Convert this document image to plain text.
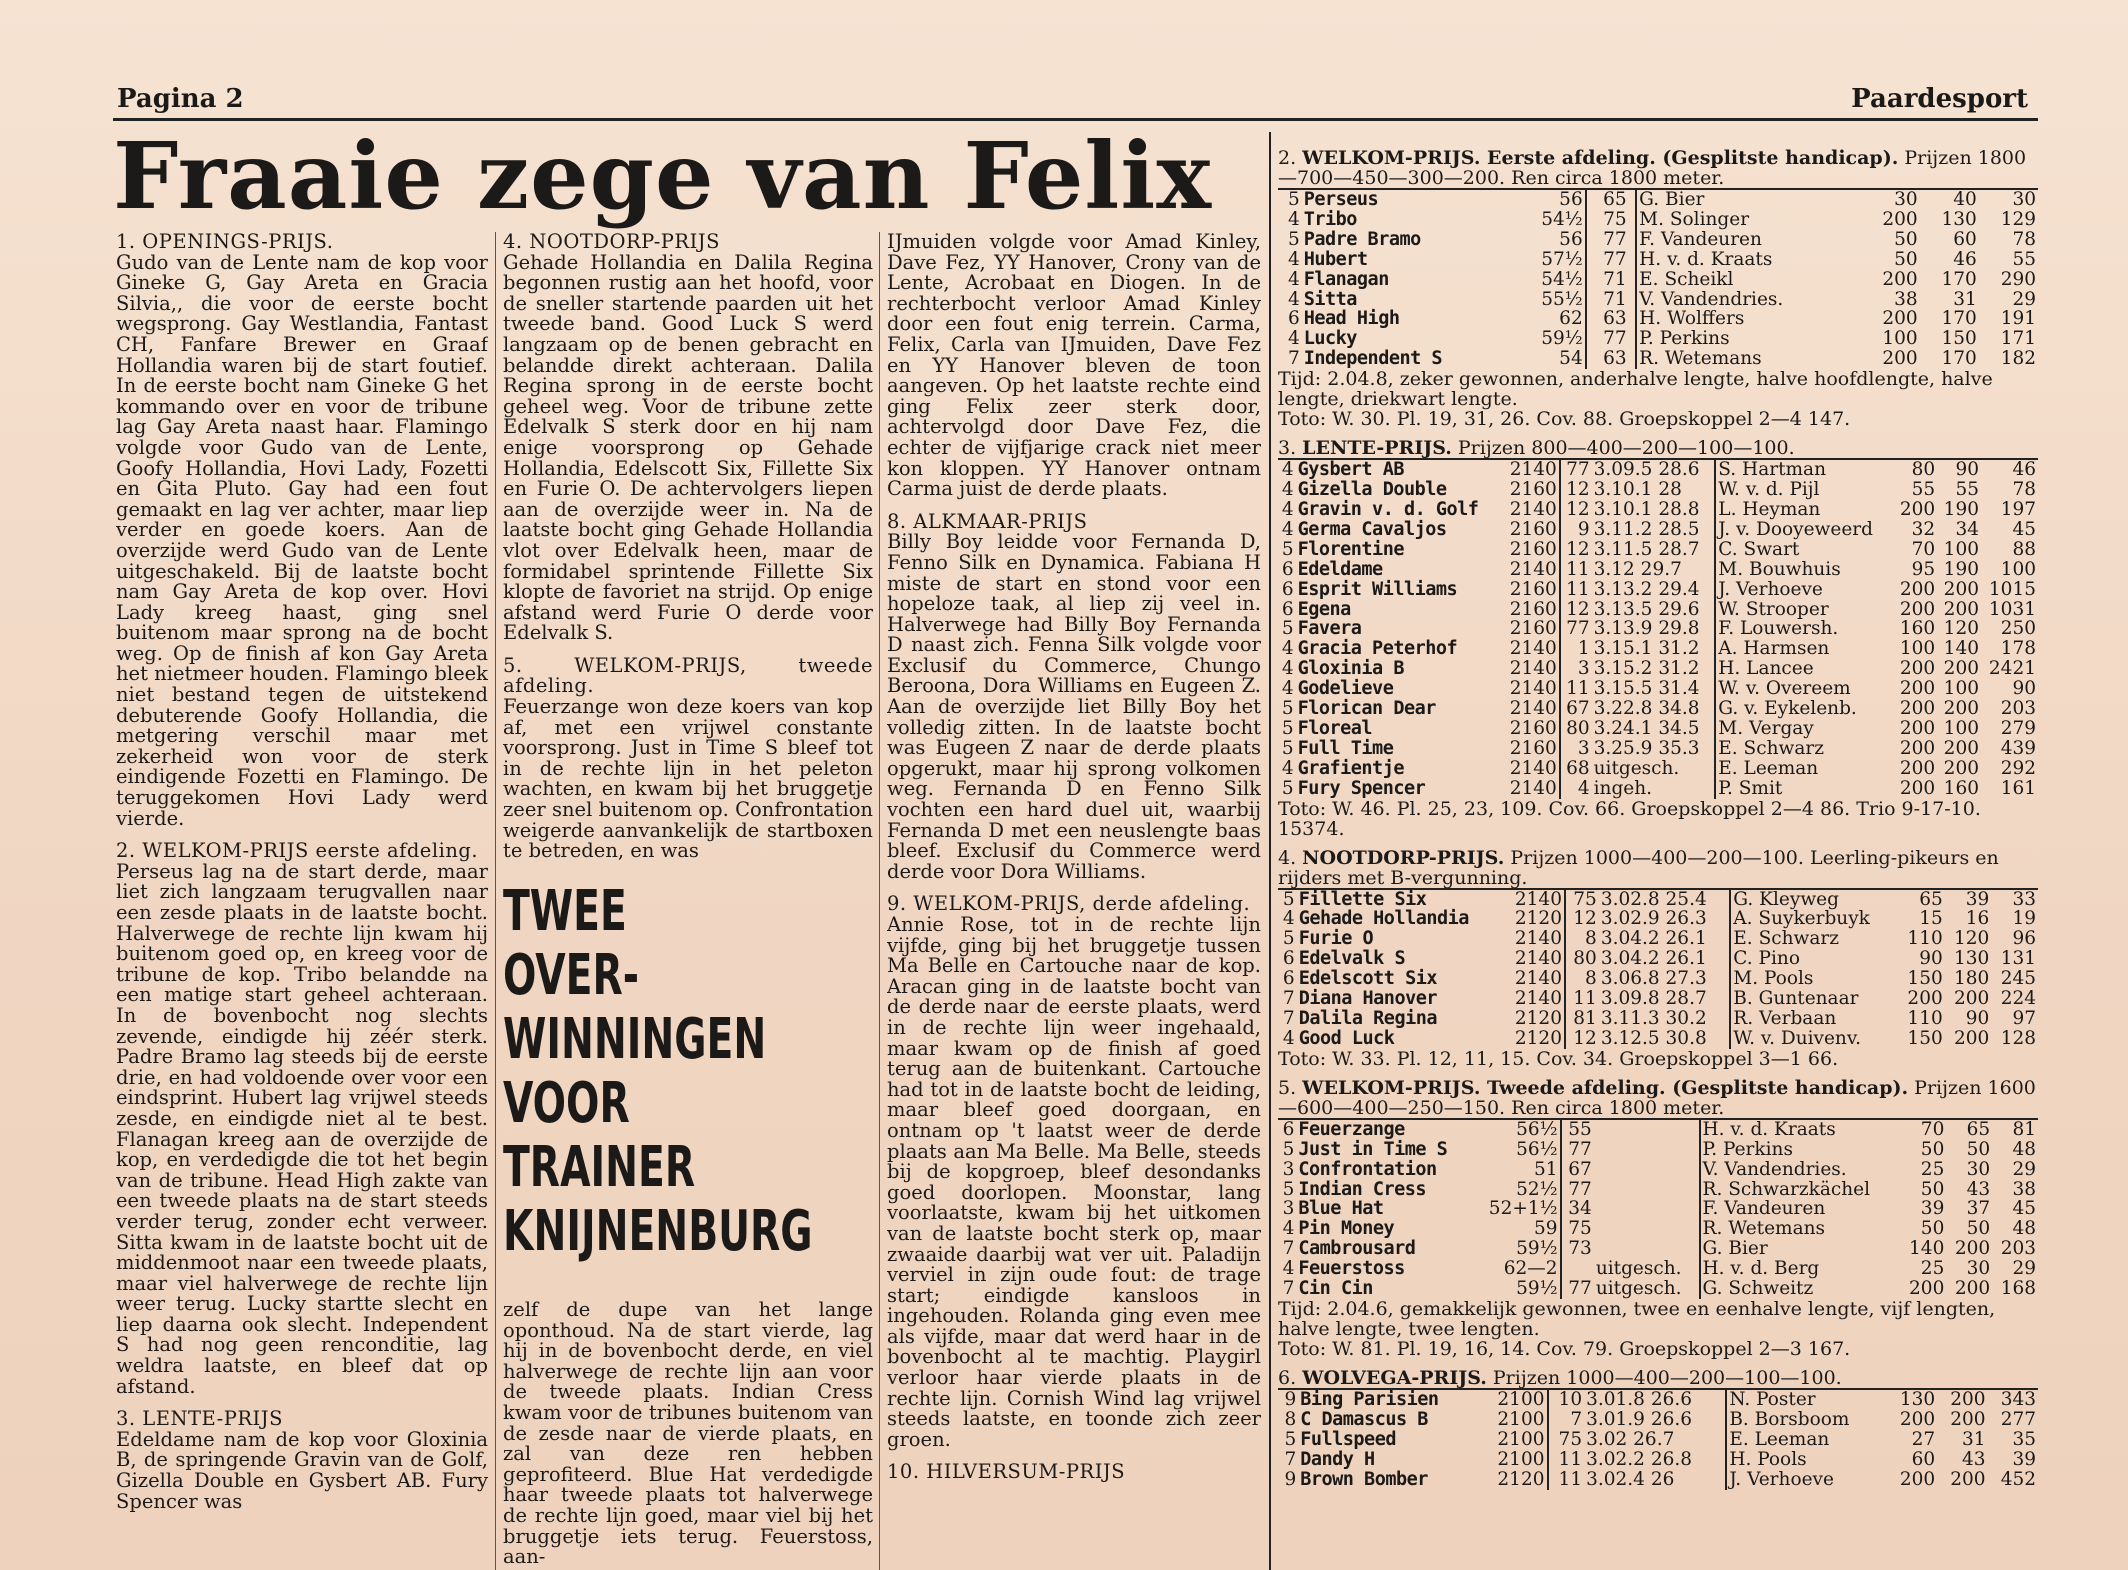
Pagina 2	Paardesport
Fraaie zege van Felix

1. OPENINGS-PRIJS.

Gudo van de Lente nam de kop voor Gineke G, Gay Areta en Gracia Silvia,, die voor de eerste bocht wegsprong. Gay Westlandia, Fantast CH, Fanfare Brewer en Graaf Hollandia waren bij de start foutief. In de eerste bocht nam Gineke G het kommando over en voor de tribune lag Gay Areta naast haar. Flamingo volgde voor Gudo van de Lente, Goofy Hollandia, Hovi Lady, Fozetti en Gita Pluto. Gay had een fout gemaakt en lag ver achter, maar liep verder en goede koers. Aan de overzijde werd Gudo van de Lente uitgeschakeld. Bij de laatste bocht nam Gay Areta de kop over. Hovi Lady kreeg haast, ging snel buitenom maar sprong na de bocht weg. Op de finish af kon Gay Areta het nietmeer houden. Flamingo bleek niet bestand tegen de uitstekend debuterende Goofy Hollandia, die metgering verschil maar met zekerheid won voor de sterk eindigende Fozetti en Flamingo. De teruggekomen Hovi Lady werd vierde.

2. WELKOM-PRIJS eerste afdeling.

Perseus lag na de start derde, maar liet zich langzaam terugvallen naar een zesde plaats in de laatste bocht. Halverwege de rechte lijn kwam hij buitenom goed op, en kreeg voor de tribune de kop. Tribo belandde na een matige start geheel achteraan. In de bovenbocht nog slechts zevende, eindigde hij zéér sterk. Padre Bramo lag steeds bij de eerste drie, en had voldoende over voor een eindsprint. Hubert lag vrijwel steeds zesde, en eindigde niet al te best. Flanagan kreeg aan de overzijde de kop, en verdedigde die tot het begin van de tribune. Head High zakte van een tweede plaats na de start steeds verder terug, zonder echt verweer. Sitta kwam in de laatste bocht uit de middenmoot naar een tweede plaats, maar viel halverwege de rechte lijn weer terug. Lucky startte slecht en liep daarna ook slecht. Independent S had nog geen renconditie, lag weldra laatste, en bleef dat op afstand.

3. LENTE-PRIJS

Edeldame nam de kop voor Gloxinia B, de springende Gravin van de Golf, Gizella Double en Gysbert AB. Fury Spencer was

4. NOOTDORP-PRIJS

Gehade Hollandia en Dalila Regina begonnen rustig aan het hoofd, voor de sneller startende paarden uit het tweede band. Good Luck S werd langzaam op de benen gebracht en belandde direkt achteraan. Dalila Regina sprong in de eerste bocht geheel weg. Voor de tribune zette Edelvalk S sterk door en hij nam enige voorsprong op Gehade Hollandia, Edelscott Six, Fillette Six en Furie O. De achtervolgers liepen aan de overzijde weer in. Na de laatste bocht ging Gehade Hollandia vlot over Edelvalk heen, maar de formidabel sprintende Fillette Six klopte de favoriet na strijd. Op enige afstand werd Furie O derde voor Edelvalk S.

5. WELKOM-PRIJS, tweede afdeling.

Feuerzange won deze koers van kop af, met een vrijwel constante voorsprong. Just in Time S bleef tot in de rechte lijn in het peleton wachten, en kwam bij het bruggetje zeer snel buitenom op. Confrontation weigerde aanvankelijk de startboxen te betreden, en was

TWEE
OVER-
WINNINGEN
VOOR
TRAINER
KNIJNENBURG
zelf de dupe van het lange oponthoud. Na de start vierde, lag hij in de bovenbocht derde, en viel halverwege de rechte lijn aan voor de tweede plaats. Indian Cress kwam voor de tribunes buitenom van de zesde naar de vierde plaats, en zal van deze ren hebben geprofiteerd. Blue Hat verdedigde haar tweede plaats tot halverwege de rechte lijn goed, maar viel bij het bruggetje iets terug. Feuerstoss, aan-

IJmuiden volgde voor Amad Kinley, Dave Fez, YY Hanover, Crony van de Lente, Acrobaat en Diogen. In de rechterbocht verloor Amad Kinley door een fout enig terrein. Carma, Felix, Carla van IJmuiden, Dave Fez en YY Hanover bleven de toon aangeven. Op het laatste rechte eind ging Felix zeer sterk door, achtervolgd door Dave Fez, die echter de vijfjarige crack niet meer kon kloppen. YY Hanover ontnam Carma juist de derde plaats.

8. ALKMAAR-PRIJS

Billy Boy leidde voor Fernanda D, Fenno Silk en Dynamica. Fabiana H miste de start en stond voor een hopeloze taak, al liep zij veel in. Halverwege had Billy Boy Fernanda D naast zich. Fenna Silk volgde voor Exclusif du Commerce, Chungo Beroona, Dora Williams en Eugeen Z. Aan de overzijde liet Billy Boy het volledig zitten. In de laatste bocht was Eugeen Z naar de derde plaats opgerukt, maar hij sprong volkomen weg. Fernanda D en Fenno Silk vochten een hard duel uit, waarbij Fernanda D met een neuslengte baas bleef. Exclusif du Commerce werd derde voor Dora Williams.

9. WELKOM-PRIJS, derde afdeling.

Annie Rose, tot in de rechte lijn vijfde, ging bij het bruggetje tussen Ma Belle en Cartouche naar de kop. Aracan ging in de laatste bocht van de derde naar de eerste plaats, werd in de rechte lijn weer ingehaald, maar kwam op de finish af goed terug aan de buitenkant. Cartouche had tot in de laatste bocht de leiding, maar bleef goed doorgaan, en ontnam op 't laatst weer de derde plaats aan Ma Belle. Ma Belle, steeds bij de kopgroep, bleef desondanks goed doorlopen. Moonstar, lang voorlaatste, kwam bij het uitkomen van de laatste bocht sterk op, maar zwaaide daarbij wat ver uit. Paladijn verviel in zijn oude fout: de trage start; eindigde kansloos in ingehouden. Rolanda ging even mee als vijfde, maar dat werd haar in de bovenbocht al te machtig. Playgirl verloor haar vierde plaats in de rechte lijn. Cornish Wind lag vrijwel steeds laatste, en toonde zich zeer groen.

10. HILVERSUM-PRIJS

2. WELKOM-PRIJS. Eerste afdeling. (Gesplitste handicap). Prijzen 1800—700—450—300—200. Ren circa 1800 meter.

5	Perseus	56	65		G. Bier	30	40	30
4	Tribo	54½	75		M. Solinger	200	130	129
5	Padre Bramo	56	77		F. Vandeuren	50	60	78
4	Hubert	57½	77		H. v. d. Kraats	50	46	55
4	Flanagan	54½	71		E. Scheikl	200	170	290
4	Sitta	55½	71		V. Vandendries.	38	31	29
6	Head High	62	63		H. Wolffers	200	170	191
4	Lucky	59½	77		P. Perkins	100	150	171
7	Independent S	54	63		R. Wetemans	200	170	182

Tijd: 2.04.8, zeker gewonnen, anderhalve lengte, halve hoofdlengte, halve lengte, driekwart lengte.

Toto: W. 30. Pl. 19, 31, 26. Cov. 88. Groepskoppel 2—4 147.

3. LENTE-PRIJS. Prijzen 800—400—200—100—100.

4	Gysbert AB	2140	77	3.09.5 28.6	S. Hartman	80	90	46
4	Gizella Double	2160	12	3.10.1 28	W. v. d. Pijl	55	55	78
4	Gravin v. d. Golf	2140	12	3.10.1 28.8	L. Heyman	200	190	197
4	Germa Cavaljos	2160	9	3.11.2 28.5	J. v. Dooyeweerd	32	34	45
5	Florentine	2160	12	3.11.5 28.7	C. Swart	70	100	88
6	Edeldame	2140	11	3.12 29.7	M. Bouwhuis	95	190	100
6	Esprit Williams	2160	11	3.13.2 29.4	J. Verhoeve	200	200	1015
6	Egena	2160	12	3.13.5 29.6	W. Strooper	200	200	1031
5	Favera	2160	77	3.13.9 29.8	F. Louwersh.	160	120	250
4	Gracia Peterhof	2140	1	3.15.1 31.2	A. Harmsen	100	140	178
4	Gloxinia B	2140	3	3.15.2 31.2	H. Lancee	200	200	2421
4	Godelieve	2140	11	3.15.5 31.4	W. v. Overeem	200	100	90
5	Florican Dear	2140	67	3.22.8 34.8	G. v. Eykelenb.	200	200	203
5	Floreal	2160	80	3.24.1 34.5	M. Vergay	200	100	279
5	Full Time	2160	3	3.25.9 35.3	E. Schwarz	200	200	439
4	Grafientje	2140	68	uitgesch.	E. Leeman	200	200	292
5	Fury Spencer	2140	4	ingeh.	P. Smit	200	160	161

Toto: W. 46. Pl. 25, 23, 109. Cov. 66. Groepskoppel 2—4 86. Trio 9-17-10. 15374.

4. NOOTDORP-PRIJS. Prijzen 1000—400—200—100. Leerling-pikeurs en rijders met B-vergunning.

5	Fillette Six	2140	75	3.02.8 25.4	G. Kleyweg	65	39	33
4	Gehade Hollandia	2120	12	3.02.9 26.3	A. Suykerbuyk	15	16	19
5	Furie O	2140	8	3.04.2 26.1	E. Schwarz	110	120	96
6	Edelvalk S	2140	80	3.04.2 26.1	C. Pino	90	130	131
6	Edelscott Six	2140	8	3.06.8 27.3	M. Pools	150	180	245
7	Diana Hanover	2140	11	3.09.8 28.7	B. Guntenaar	200	200	224
7	Dalila Regina	2120	81	3.11.3 30.2	R. Verbaan	110	90	97
4	Good Luck	2120	12	3.12.5 30.8	W. v. Duivenv.	150	200	128

Toto: W. 33. Pl. 12, 11, 15. Cov. 34. Groepskoppel 3—1 66.

5. WELKOM-PRIJS. Tweede afdeling. (Gesplitste handicap). Prijzen 1600—600—400—250—150. Ren circa 1800 meter.

6	Feuerzange	56½	55		H. v. d. Kraats	70	65	81
5	Just in Time S	56½	77		P. Perkins	50	50	48
3	Confrontation	51	67		V. Vandendries.	25	30	29
5	Indian Cress	52½	77		R. Schwarzkächel	50	43	38
3	Blue Hat	52+1½	34		F. Vandeuren	39	37	45
4	Pin Money	59	75		R. Wetemans	50	50	48
7	Cambrousard	59½	73		G. Bier	140	200	203
4	Feuerstoss	62—2		uitgesch.	H. v. d. Berg	25	30	29
7	Cin Cin	59½	77	uitgesch.	G. Schweitz	200	200	168

Tijd: 2.04.6, gemakkelijk gewonnen, twee en eenhalve lengte, vijf lengten, halve lengte, twee lengten.

Toto: W. 81. Pl. 19, 16, 14. Cov. 79. Groepskoppel 2—3 167.

6. WOLVEGA-PRIJS. Prijzen 1000—400—200—100—100.

9	Bing Parisien	2100	10	3.01.8 26.6	N. Poster	130	200	343
8	C Damascus B	2100	7	3.01.9 26.6	B. Borsboom	200	200	277
5	Fullspeed	2100	75	3.02 26.7	E. Leeman	27	31	35
7	Dandy H	2100	11	3.02.2 26.8	H. Pools	60	43	39
9	Brown Bomber	2120	11	3.02.4 26	J. Verhoeve	200	200	452
